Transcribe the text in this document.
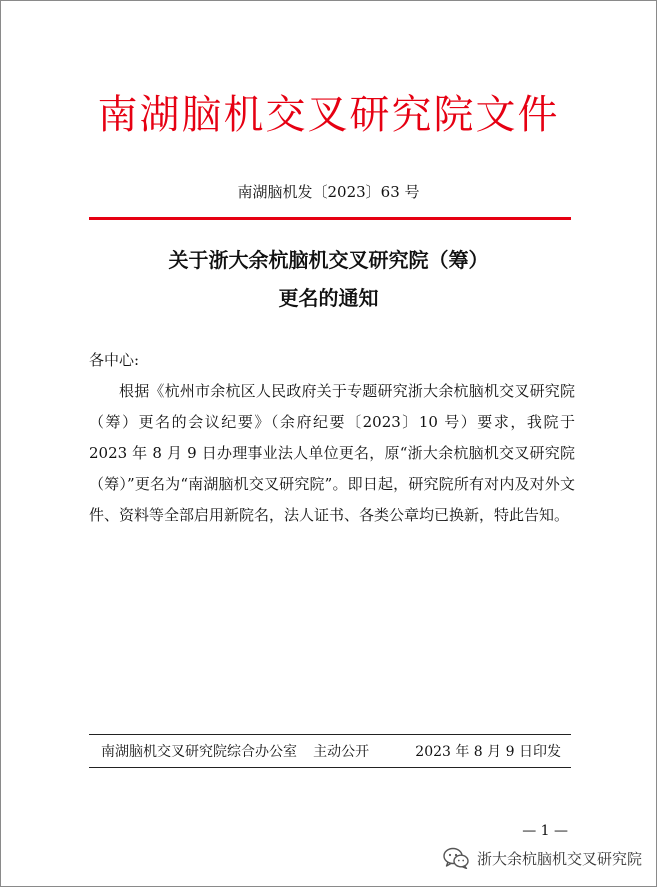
南湖脑机交叉研究院文件
南湖脑机发〔2023〕63 号
关于浙大余杭脑机交叉研究院（筹）
更名的通知
各中心:
根据《杭州市余杭区人民政府关于专题研究浙大余杭脑机交叉研究院（筹）更名的会议纪要》（余府纪要〔2023〕10 号）要求，我院于 2023 年 8 月 9 日办理事业法人单位更名，原“浙大余杭脑机交叉研究院（筹）”更名为“南湖脑机交叉研究院”。即日起，研究院所有对内及对外文件、资料等全部启用新院名，法人证书、各类公章均已换新，特此告知。
南湖脑机交叉研究院综合办公室 主动公开	2023 年 8 月 9 日印发
— 1 —
浙大余杭脑机交叉研究院
